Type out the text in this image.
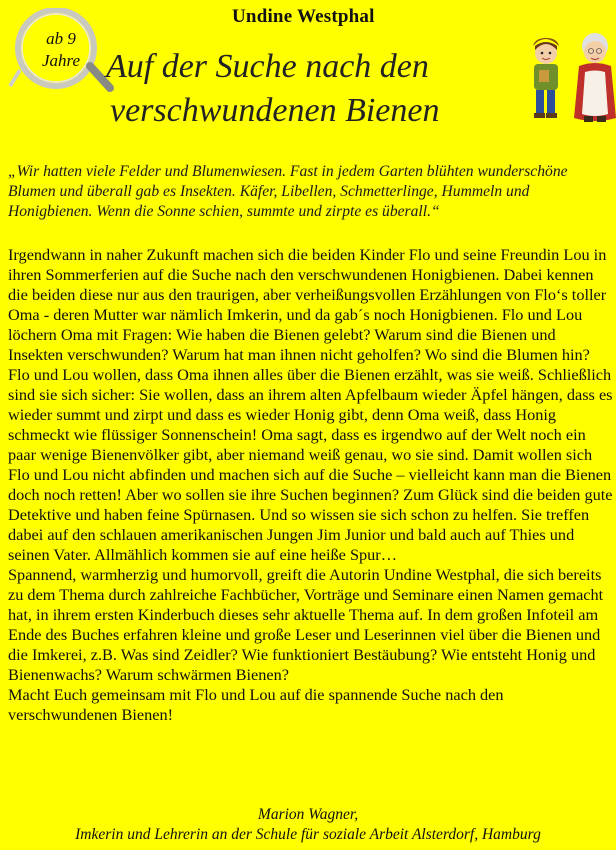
ab 9
Jahre
Undine Westphal
Auf der Suche nach den
verschwundenen Bienen
„Wir hatten viele Felder und Blumenwiesen. Fast in jedem Garten blühten wunderschöne Blumen und überall gab es Insekten. Käfer, Libellen, Schmetterlinge, Hummeln und Honigbienen. Wenn die Sonne schien, summte und zirpte es überall.“

Irgendwann in naher Zukunft machen sich die beiden Kinder Flo und seine Freundin Lou in ihren Sommerferien auf die Suche nach den verschwundenen Honigbienen. Dabei kennen die beiden diese nur aus den traurigen, aber verheißungsvollen Erzählungen von Flo‘s toller Oma - deren Mutter war nämlich Imkerin, und da gab´s noch Honigbienen. Flo und Lou löchern Oma mit Fragen: Wie haben die Bienen gelebt? Warum sind die Bienen und Insekten verschwunden? Warum hat man ihnen nicht geholfen? Wo sind die Blumen hin? Flo und Lou wollen, dass Oma ihnen alles über die Bienen erzählt, was sie weiß. Schließlich sind sie sich sicher: Sie wollen, dass an ihrem alten Apfelbaum wieder Äpfel hängen, dass es wieder summt und zirpt und dass es wieder Honig gibt, denn Oma weiß, dass Honig schmeckt wie flüssiger Sonnenschein! Oma sagt, dass es irgendwo auf der Welt noch ein paar wenige Bienenvölker gibt, aber niemand weiß genau, wo sie sind. Damit wollen sich Flo und Lou nicht abfinden und machen sich auf die Suche – vielleicht kann man die Bienen doch noch retten! Aber wo sollen sie ihre Suchen beginnen? Zum Glück sind die beiden gute Detektive und haben feine Spürnasen. Und so wissen sie sich schon zu helfen. Sie treffen dabei auf den schlauen amerikanischen Jungen Jim Junior und bald auch auf Thies und seinen Vater. Allmählich kommen sie auf eine heiße Spur…

Spannend, warmherzig und humorvoll, greift die Autorin Undine Westphal, die sich bereits zu dem Thema durch zahlreiche Fachbücher, Vorträge und Seminare einen Namen gemacht hat, in ihrem ersten Kinderbuch dieses sehr aktuelle Thema auf. In dem großen Infoteil am Ende des Buches erfahren kleine und große Leser und Leserinnen viel über die Bienen und die Imkerei, z.B. Was sind Zeidler? Wie funktioniert Bestäubung? Wie entsteht Honig und Bienenwachs? Warum schwärmen Bienen?

Macht Euch gemeinsam mit Flo und Lou auf die spannende Suche nach den verschwundenen Bienen!

Marion Wagner,
Imkerin und Lehrerin an der Schule für soziale Arbeit Alsterdorf, Hamburg
